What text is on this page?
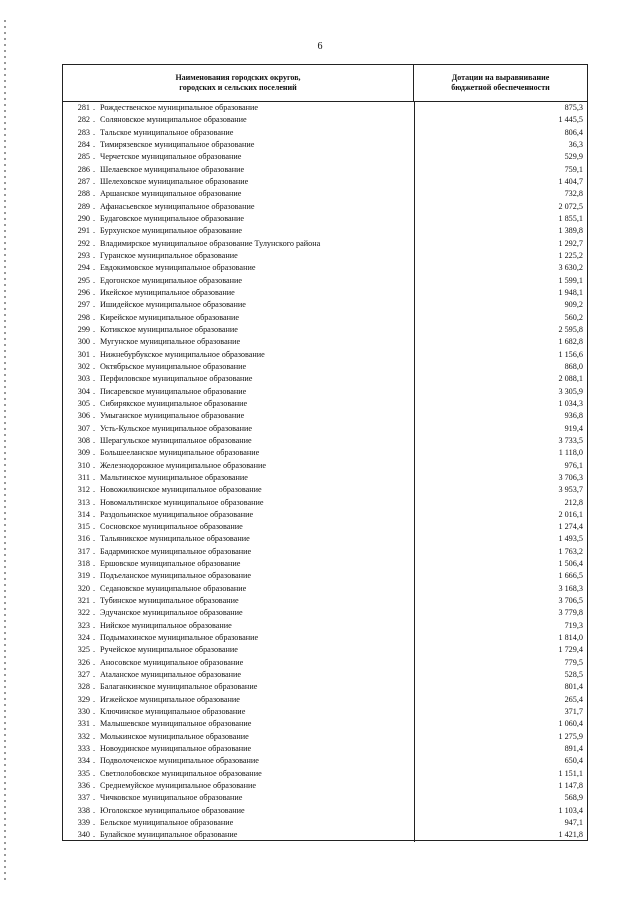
6
Наименования городских округов,
городских и сельских поселений
Дотации на выравнивание
бюджетной обеспеченности
281 . Рождественское муниципальное образование	875,3
282 . Соляновское муниципальное образование	1 445,5
283 . Тальское муниципальное образование	806,4
284 . Тимирязевское муниципальное образование	36,3
285 . Черчетское муниципальное образование	529,9
286 . Шелаевское муниципальное образование	759,1
287 . Шелеховское муниципальное образование	1 404,7
288 . Аршанское муниципальное образование	732,8
289 . Афанасьевское муниципальное образование	2 072,5
290 . Будаговское муниципальное образование	1 855,1
291 . Бурхунское муниципальное образование	1 389,8
292 . Владимирское муниципальное образование Тулунского района	1 292,7
293 . Гуранское муниципальное образование	1 225,2
294 . Евдокимовское муниципальное образование	3 630,2
295 . Едогонское муниципальное образование	1 599,1
296 . Икейское муниципальное образование	1 948,1
297 . Ишидейское муниципальное образование	909,2
298 . Кирейское муниципальное образование	560,2
299 . Котикское муниципальное образование	2 595,8
300 . Мугунское муниципальное образование	1 682,8
301 . Нижнебурбукское муниципальное образование	1 156,6
302 . Октябрьское муниципальное образование	868,0
303 . Перфиловское муниципальное образование	2 088,1
304 . Писаревское муниципальное образование	3 305,9
305 . Сибирякское муниципальное образование	1 034,3
306 . Умыганское муниципальное образование	936,8
307 . Усть-Кульское муниципальное образование	919,4
308 . Шерагульское муниципальное образование	3 733,5
309 . Большееланское муниципальное образование	1 118,0
310 . Железнодорожное муниципальное образование	976,1
311 . Мальтинское муниципальное образование	3 706,3
312 . Новожилкинское муниципальное образование	3 953,7
313 . Новомальтинское муниципальное образование	212,8
314 . Раздольинское муниципальное образование	2 016,1
315 . Сосновское муниципальное образование	1 274,4
316 . Тальяникское муниципальное образование	1 493,5
317 . Бадарминское муниципальное образование	1 763,2
318 . Ершовское муниципальное образование	1 506,4
319 . Подъеланское муниципальное образование	1 666,5
320 . Седановское муниципальное образование	3 168,3
321 . Тубинское муниципальное образование	3 706,5
322 . Эдучанское муниципальное образование	3 779,8
323 . Нийское муниципальное образование	719,3
324 . Подымахинское муниципальное образование	1 814,0
325 . Ручейское муниципальное образование	1 729,4
326 . Аносовское муниципальное образование	779,5
327 . Ataланское муниципальное образование	528,5
328 . Балаганкинское муниципальное образование	801,4
329 . Игжейское муниципальное образование	265,4
330 . Ключинское муниципальное образование	371,7
331 . Малышевское муниципальное образование	1 060,4
332 . Молькинское муниципальное образование	1 275,9
333 . Новоудинское муниципальное образование	891,4
334 . Подволоченское муниципальное образование	650,4
335 . Светлолобовское муниципальное образование	1 151,1
336 . Среднемуйское муниципальное образование	1 147,8
337 . Чичковское муниципальное образование	568,9
338 . Юголокское муниципальное образование	1 103,4
339 . Бельское муниципальное образование	947,1
340 . Булайское муниципальное образование	1 421,8
